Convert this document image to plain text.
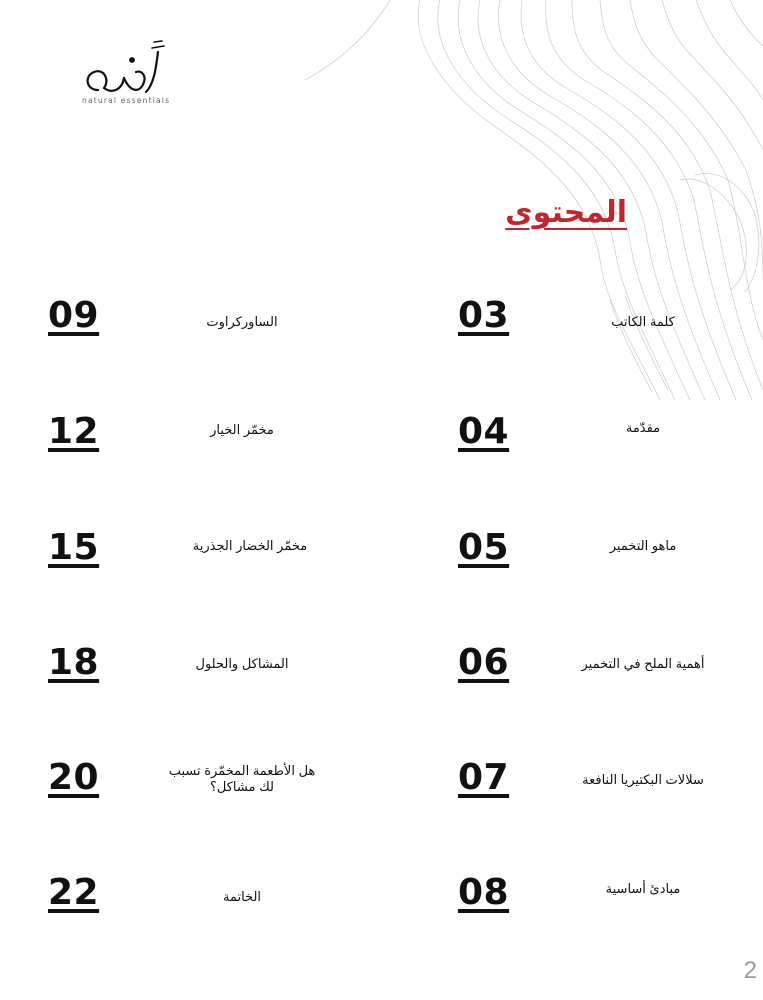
natural essentials
المحتوى
03	كلمة الكاتب
04	مقدّمة
05	ماهو التخمير
06	أهمية الملح في التخمير
07	سلالات البكتيريا النافعة
08	مبادئ أساسية
09	الساوركراوت
12	مخمّر الخيار
15	مخمّر الخضار الجذرية
18	المشاكل والحلول
20	هل الأطعمة المخمّرة تسبب لك مشاكل؟
22	الخاتمة
2
